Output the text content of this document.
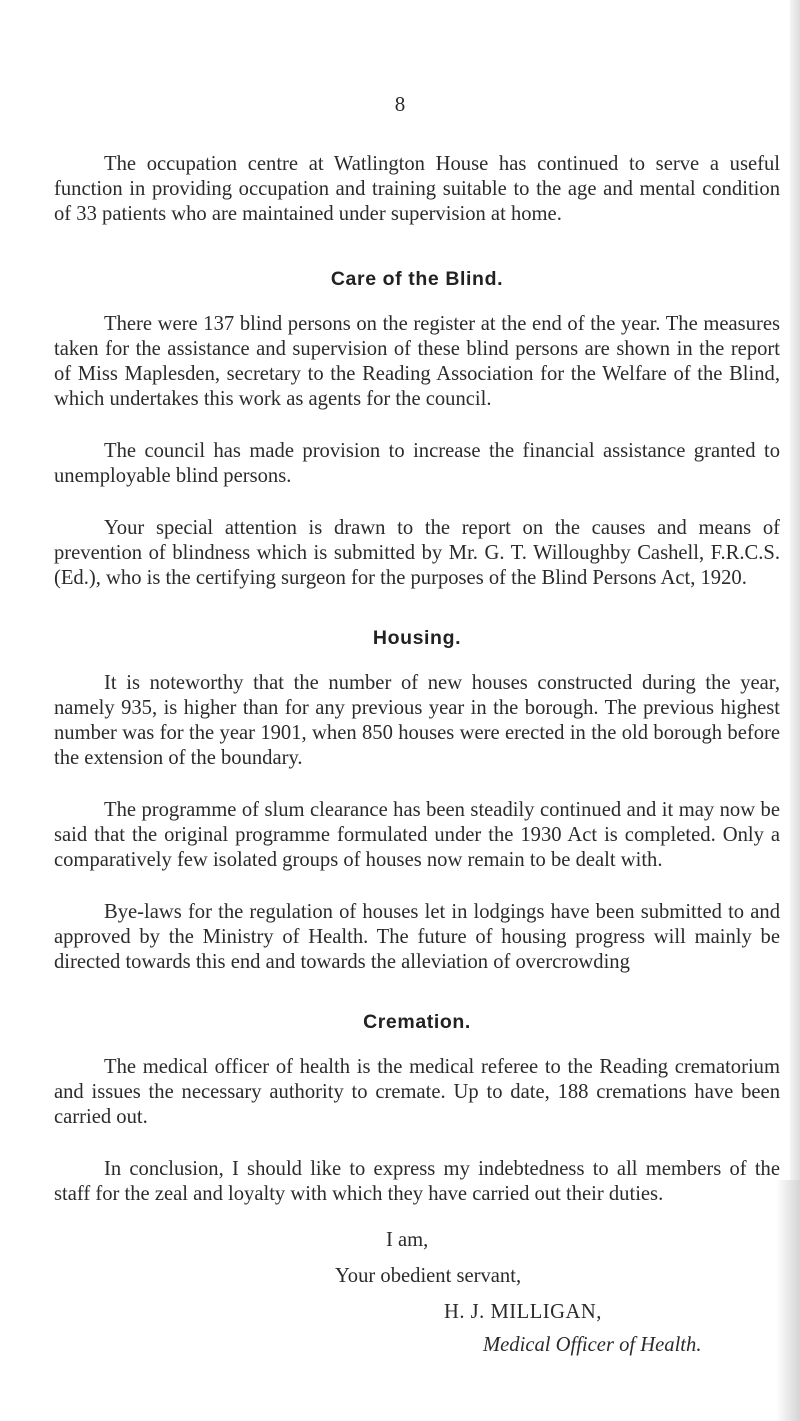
8

The occupation centre at Watlington House has continued to serve a useful function in providing occupation and training suitable to the age and mental condition of 33 patients who are maintained under supervision at home.

Care of the Blind.

There were 137 blind persons on the register at the end of the year. The measures taken for the assistance and supervision of these blind persons are shown in the report of Miss Maplesden, secretary to the Reading Association for the Welfare of the Blind, which undertakes this work as agents for the council.

The council has made provision to increase the financial assistance granted to unemployable blind persons.

Your special attention is drawn to the report on the causes and means of prevention of blindness which is submitted by Mr. G. T. Willoughby Cashell, F.R.C.S. (Ed.), who is the certifying surgeon for the purposes of the Blind Persons Act, 1920.

Housing.

It is noteworthy that the number of new houses constructed during the year, namely 935, is higher than for any previous year in the borough. The previous highest number was for the year 1901, when 850 houses were erected in the old borough before the extension of the boundary.

The programme of slum clearance has been steadily continued and it may now be said that the original programme formulated under the 1930 Act is completed. Only a comparatively few isolated groups of houses now remain to be dealt with.

Bye-laws for the regulation of houses let in lodgings have been submitted to and approved by the Ministry of Health. The future of housing progress will mainly be directed towards this end and towards the alleviation of overcrowding

Cremation.

The medical officer of health is the medical referee to the Reading crematorium and issues the necessary authority to cremate. Up to date, 188 cremations have been carried out.

In conclusion, I should like to express my indebtedness to all members of the staff for the zeal and loyalty with which they have carried out their duties.

I am,
Your obedient servant,
H. J. MILLIGAN,
Medical Officer of Health.
